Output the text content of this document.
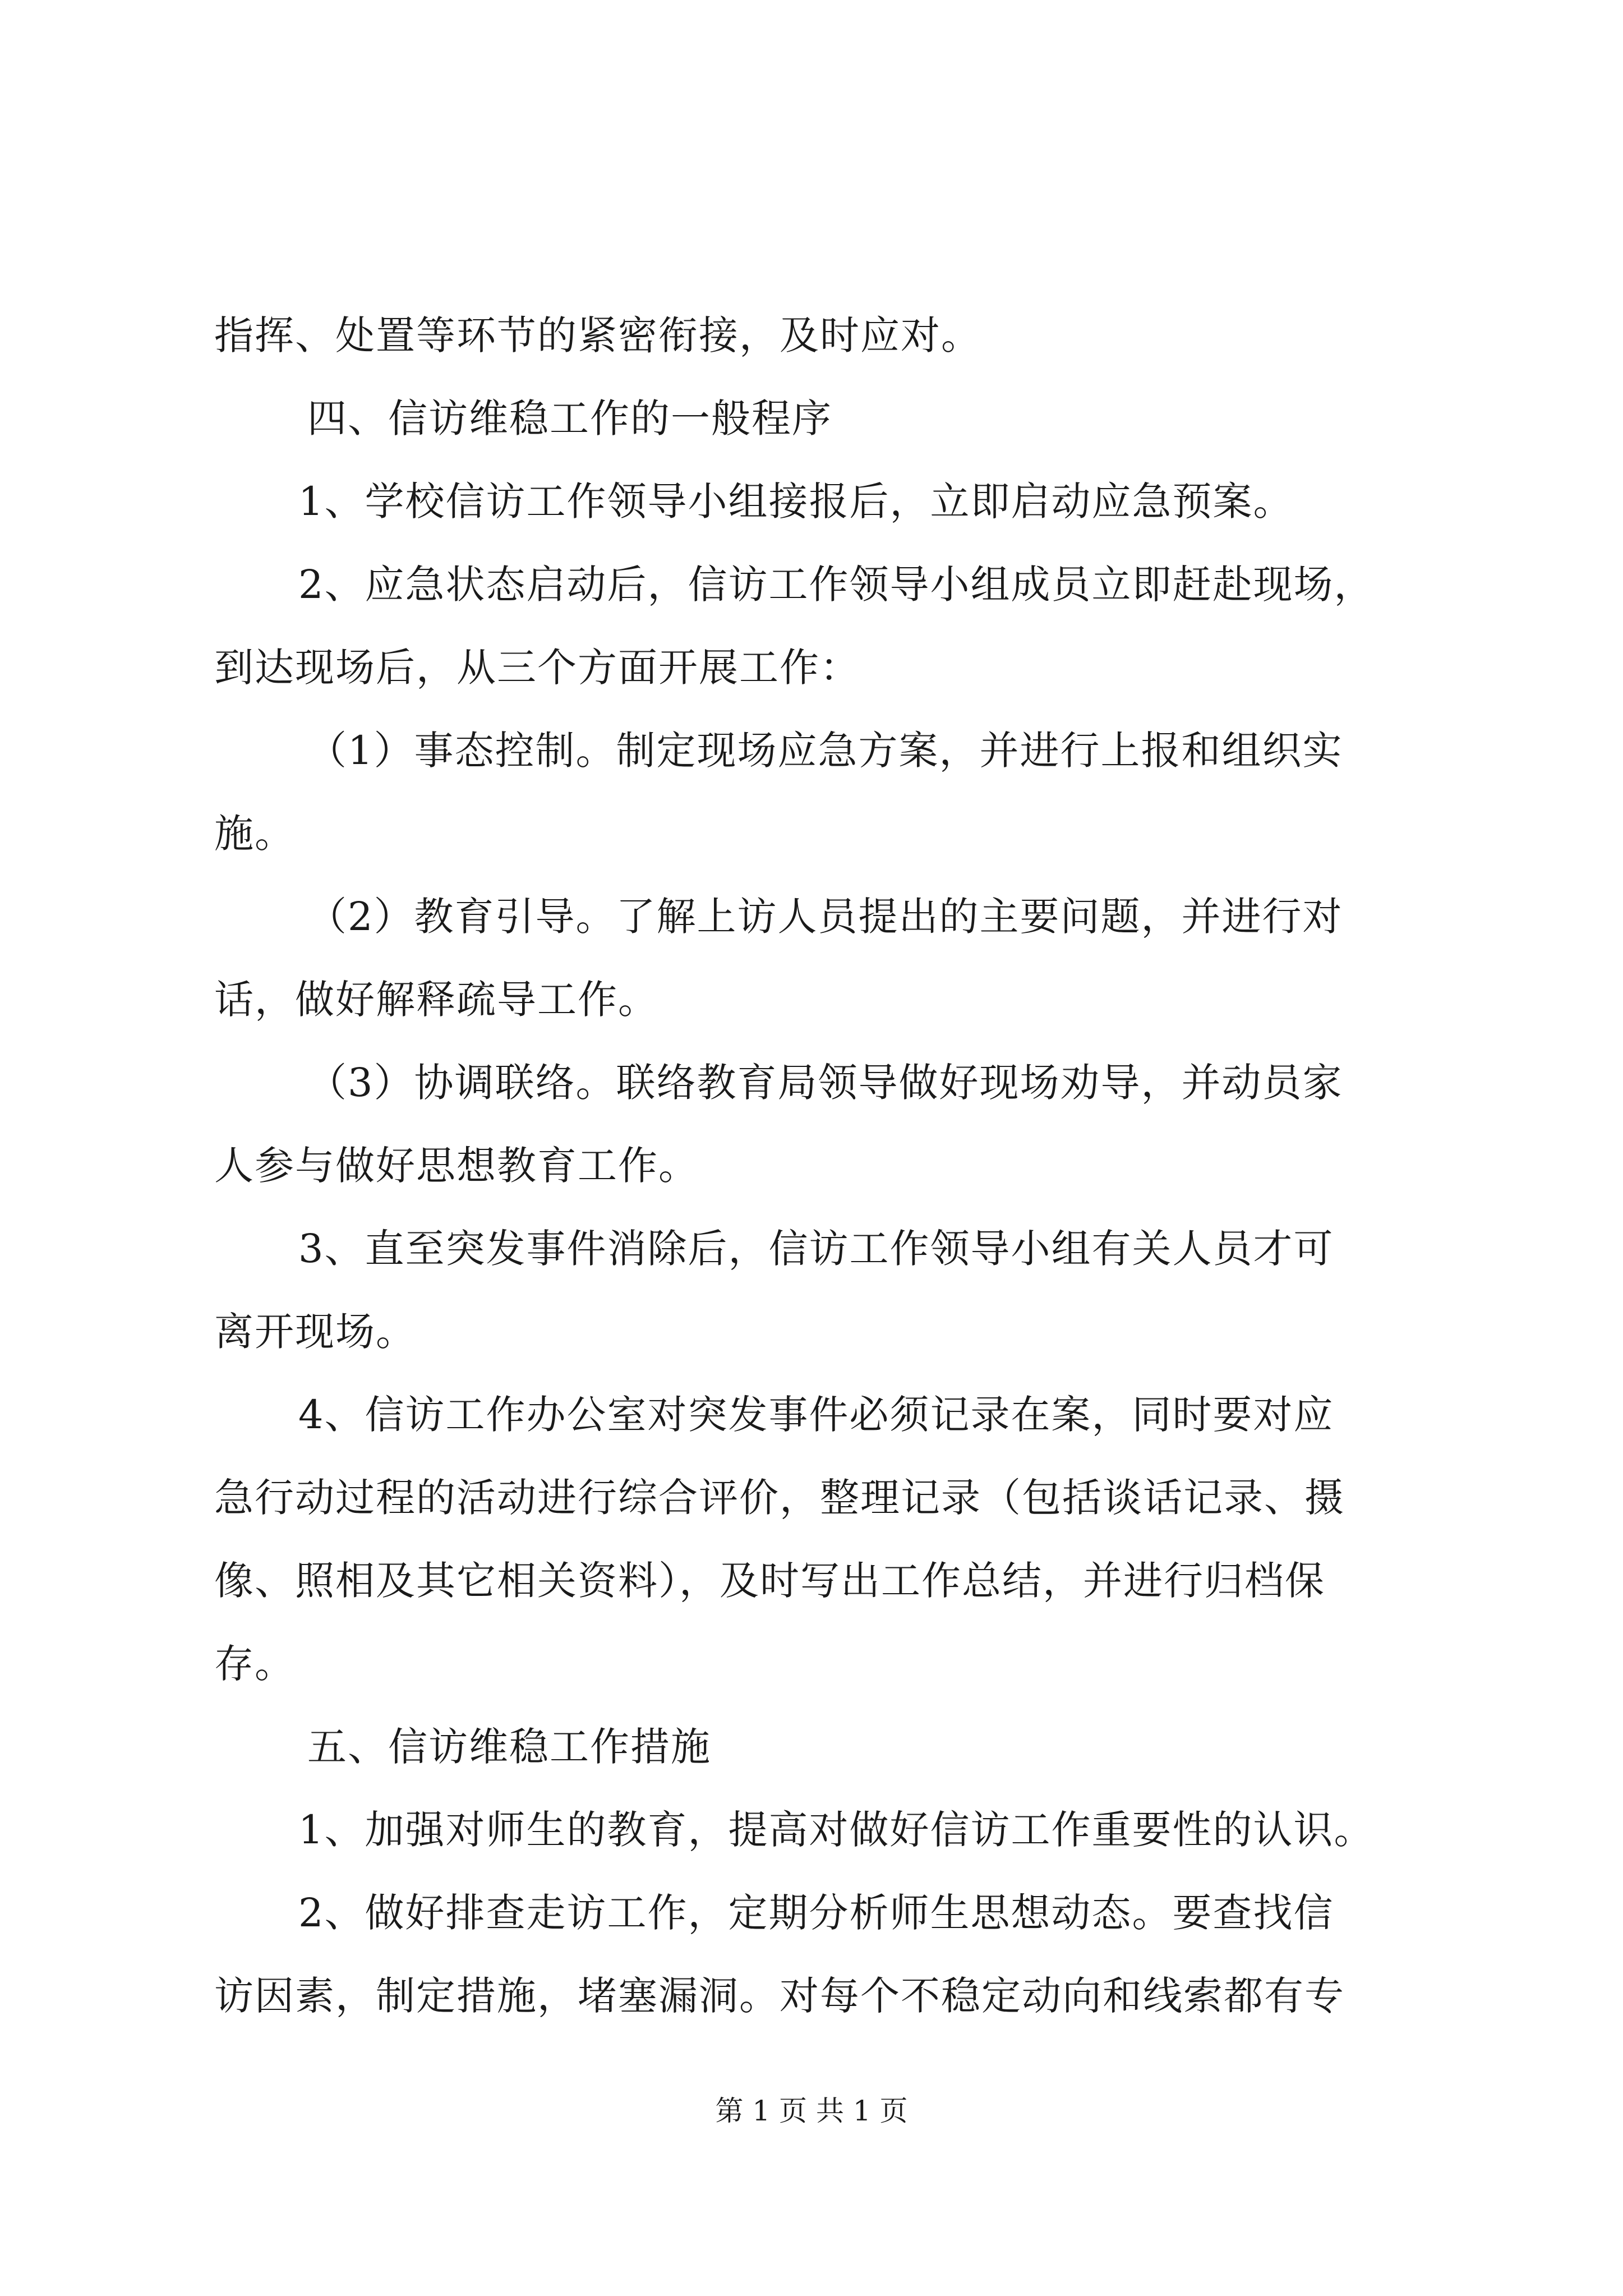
指挥、处置等环节的紧密衔接，及时应对。
四、信访维稳工作的一般程序
1、学校信访工作领导小组接报后，立即启动应急预案。
2、应急状态启动后，信访工作领导小组成员立即赶赴现场，
到达现场后，从三个方面开展工作：
（1）事态控制。制定现场应急方案，并进行上报和组织实
施。
（2）教育引导。了解上访人员提出的主要问题，并进行对
话，做好解释疏导工作。
（3）协调联络。联络教育局领导做好现场劝导，并动员家
人参与做好思想教育工作。
3、直至突发事件消除后，信访工作领导小组有关人员才可
离开现场。
4、信访工作办公室对突发事件必须记录在案，同时要对应
急行动过程的活动进行综合评价，整理记录（包括谈话记录、摄
像、照相及其它相关资料），及时写出工作总结，并进行归档保
存。
五、信访维稳工作措施
1、加强对师生的教育，提高对做好信访工作重要性的认识。
2、做好排查走访工作，定期分析师生思想动态。要查找信
访因素，制定措施，堵塞漏洞。对每个不稳定动向和线索都有专
第 1 页 共 1 页
